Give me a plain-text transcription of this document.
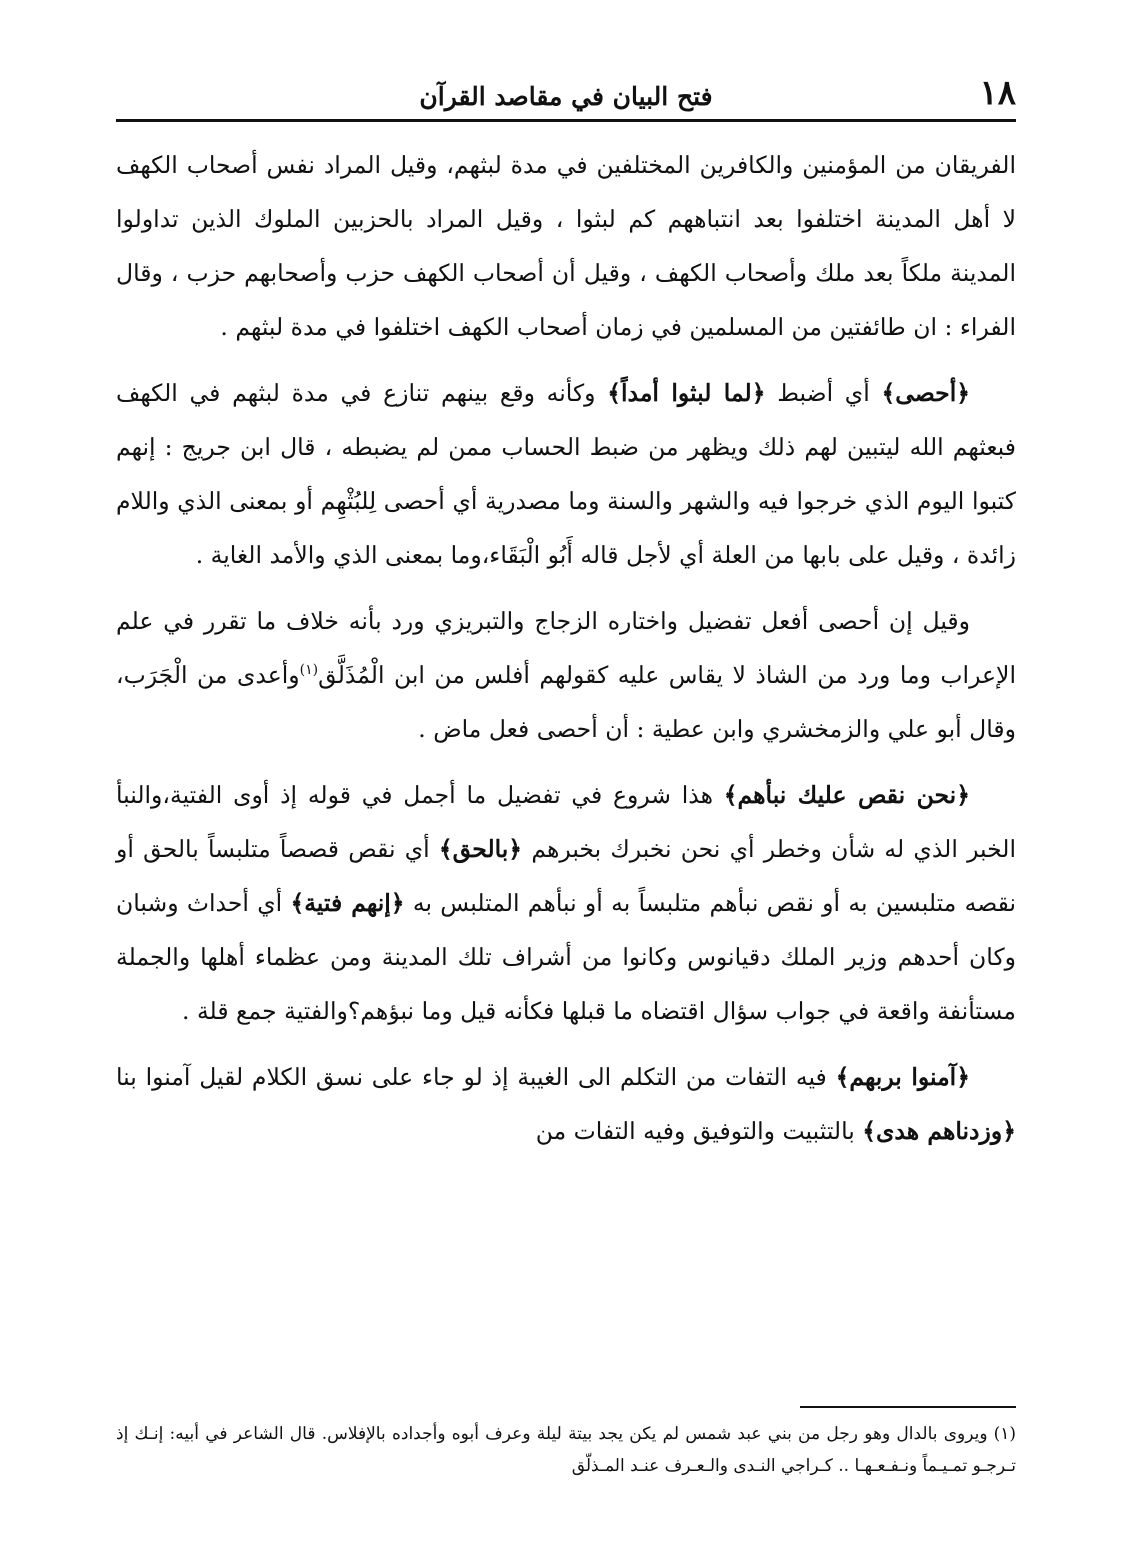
١٨
فتح البيان في مقاصد القرآن

الفريقان من المؤمنين والكافرين المختلفين في مدة لبثهم، وقيل المراد نفس أصحاب الكهف لا أهل المدينة اختلفوا بعد انتباههم كم لبثوا ، وقيل المراد بالحزبين الملوك الذين تداولوا المدينة ملكاً بعد ملك وأصحاب الكهف ، وقيل أن أصحاب الكهف حزب وأصحابهم حزب ، وقال الفراء : ان طائفتين من المسلمين في زمان أصحاب الكهف اختلفوا في مدة لبثهم .

﴿أحصى﴾ أي أضبط ﴿لما لبثوا أمداً﴾ وكأنه وقع بينهم تنازع في مدة لبثهم في الكهف فبعثهم الله ليتبين لهم ذلك ويظهر من ضبط الحساب ممن لم يضبطه ، قال ابن جريج : إنهم كتبوا اليوم الذي خرجوا فيه والشهر والسنة وما مصدرية أي أحصى لِلبُثْهِم أو بمعنى الذي واللام زائدة ، وقيل على بابها من العلة أي لأجل قاله أَبُو الْبَقَاء،وما بمعنى الذي والأمد الغاية .

وقيل إن أحصى أفعل تفضيل واختاره الزجاج والتبريزي ورد بأنه خلاف ما تقرر في علم الإعراب وما ورد من الشاذ لا يقاس عليه كقولهم أفلس من ابن الْمُذَلَّق$^{(١)}$وأعدى من الْجَرَب، وقال أبو علي والزمخشري وابن عطية : أن أحصى فعل ماض .

﴿نحن نقص عليك نبأهم﴾ هذا شروع في تفضيل ما أجمل في قوله إذ أوى الفتية،والنبأ الخبر الذي له شأن وخطر أي نحن نخبرك بخبرهم ﴿بالحق﴾ أي نقص قصصاً متلبساً بالحق أو نقصه متلبسين به أو نقص نبأهم متلبساً به أو نبأهم المتلبس به ﴿إنهم فتية﴾ أي أحداث وشبان وكان أحدهم وزير الملك دقيانوس وكانوا من أشراف تلك المدينة ومن عظماء أهلها والجملة مستأنفة واقعة في جواب سؤال اقتضاه ما قبلها فكأنه قيل وما نبؤهم؟والفتية جمع قلة .

﴿آمنوا بربهم﴾ فيه التفات من التكلم الى الغيبة إذ لو جاء على نسق الكلام لقيل آمنوا بنا ﴿وزدناهم هدى﴾ بالتثبيت والتوفيق وفيه التفات من

(١)ويروى بالدال وهو رجل من بني عبد شمس لم يكن يجد بيتة ليلة وعرف أبوه وأجداده بالإفلاس. قال الشاعر في أبيه: إنـك إذ تـرجـو تمـيـماً ونـفـعـهـا .. كـراجي النـدى والـعـرف عنـد المـذلّق
